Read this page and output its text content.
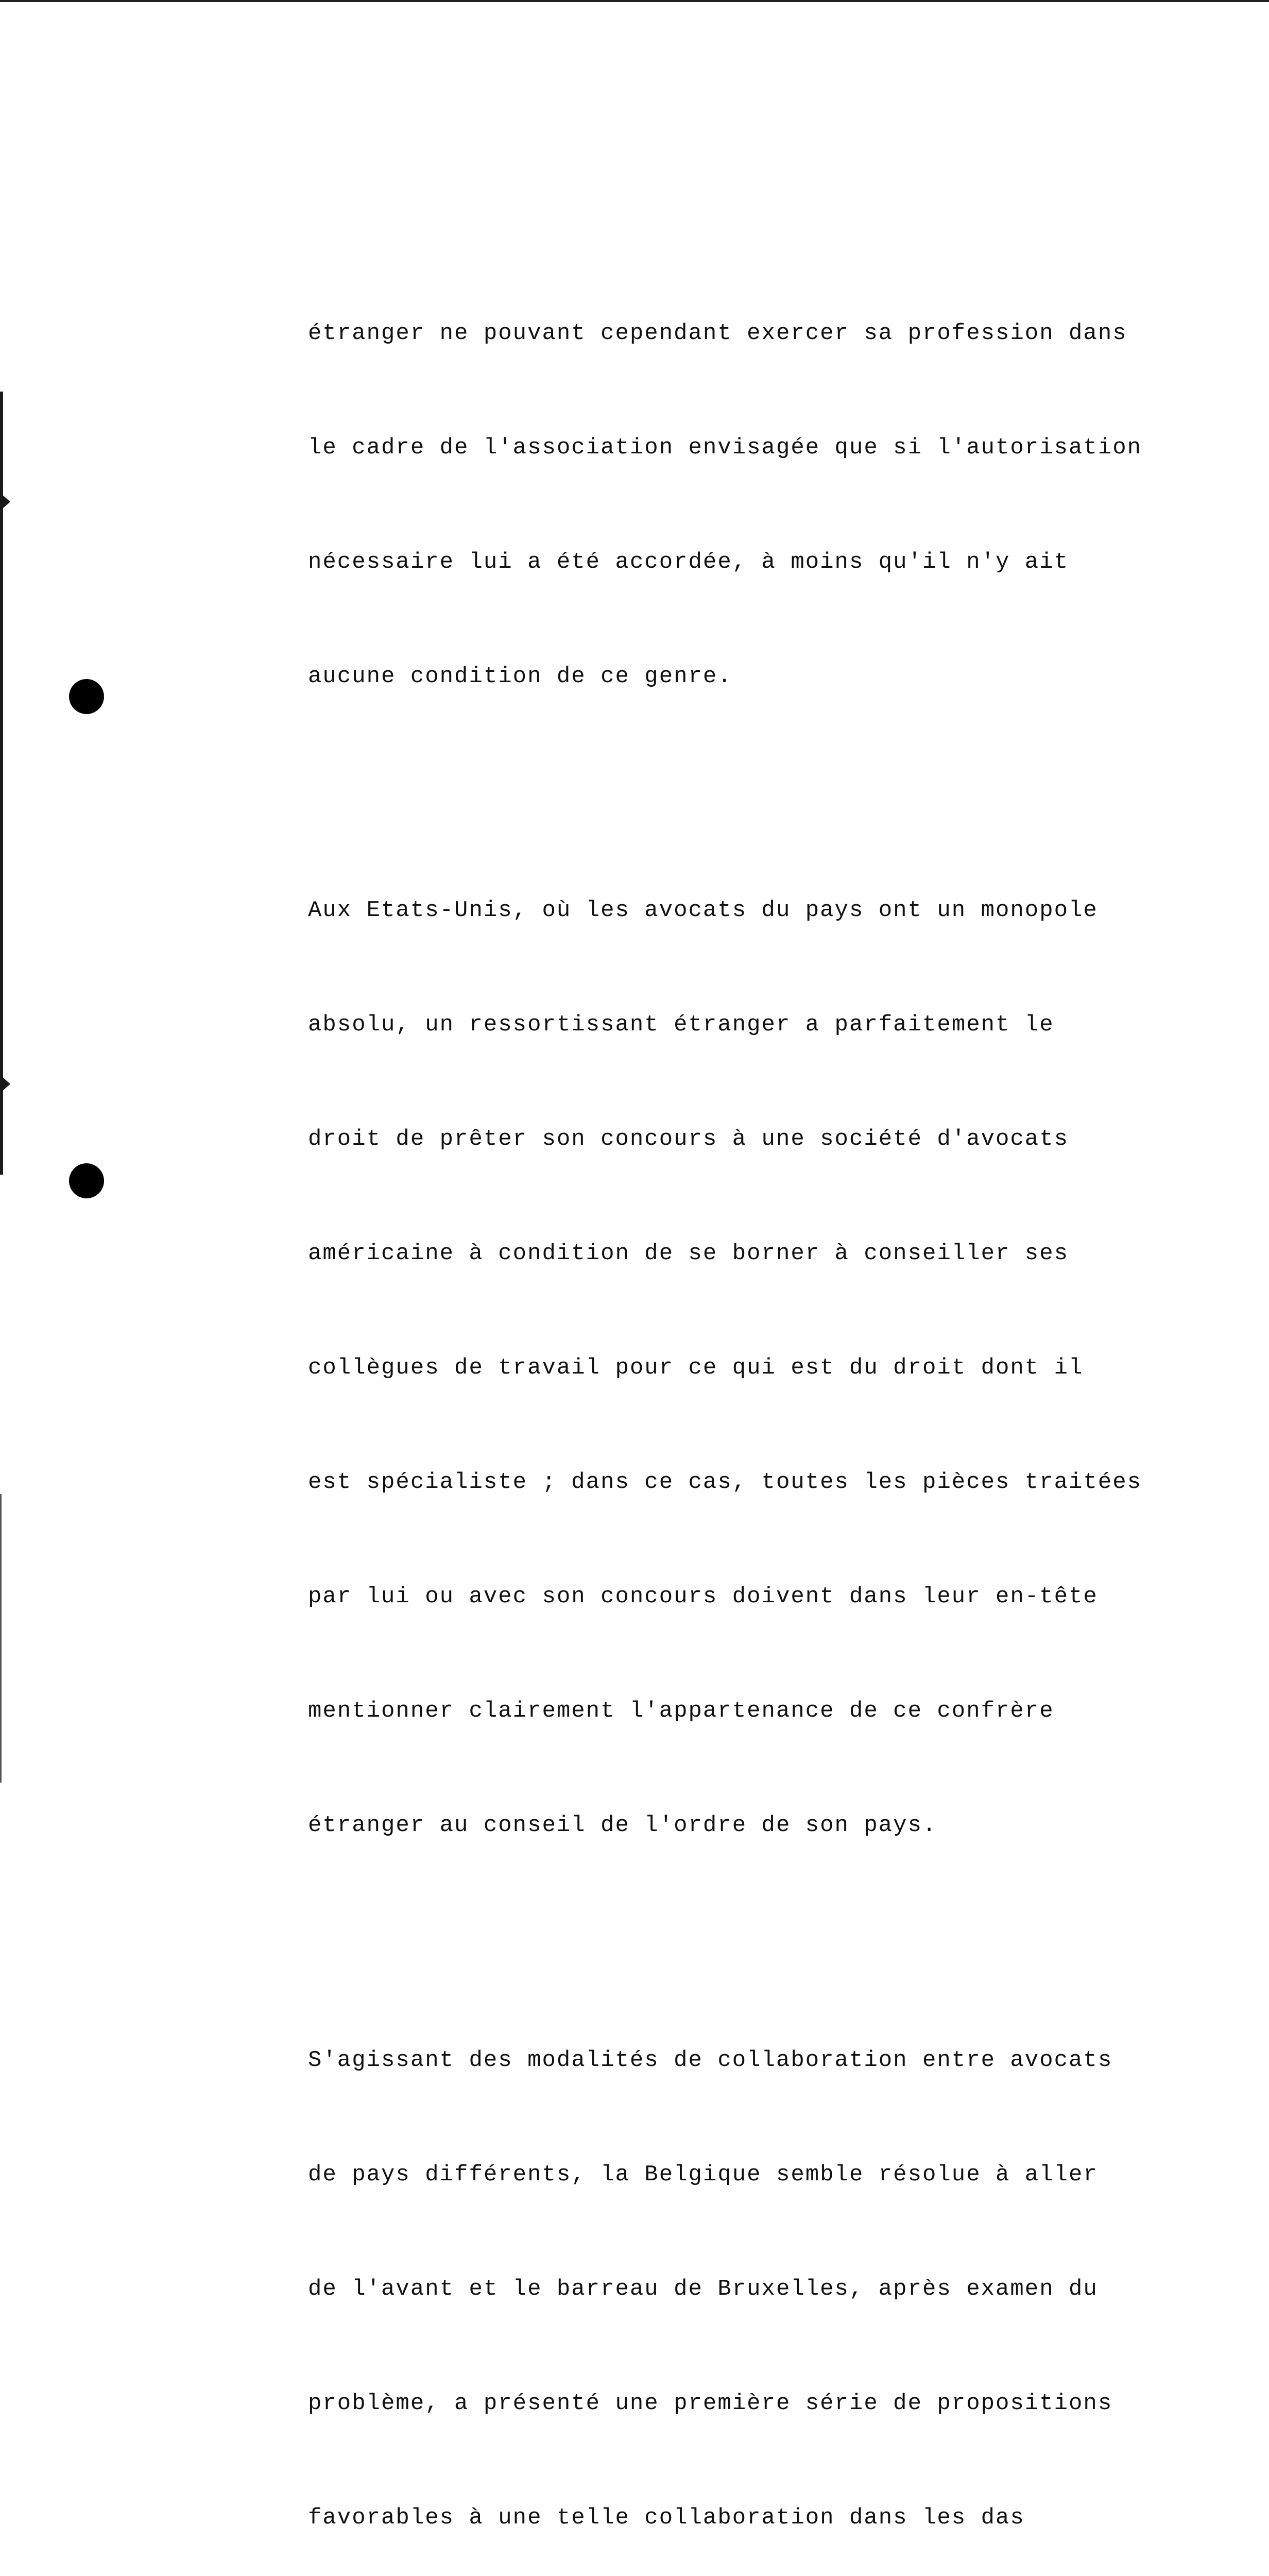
étranger ne pouvant cependant exercer sa profession dans

le cadre de l'association envisagée que si l'autorisation

nécessaire lui a été accordée, à moins qu'il n'y ait

aucune condition de ce genre.

Aux Etats-Unis, où les avocats du pays ont un monopole

absolu, un ressortissant étranger a parfaitement le

droit de prêter son concours à une société d'avocats

américaine à condition de se borner à conseiller ses

collègues de travail pour ce qui est du droit dont il

est spécialiste ; dans ce cas, toutes les pièces traitées

par lui ou avec son concours doivent dans leur en-tête

mentionner clairement l'appartenance de ce confrère

étranger au conseil de l'ordre de son pays.

S'agissant des modalités de collaboration entre avocats

de pays différents, la Belgique semble résolue à aller

de l'avant et le barreau de Bruxelles, après examen du

problème, a présenté une première série de propositions

favorables à une telle collaboration dans les das
